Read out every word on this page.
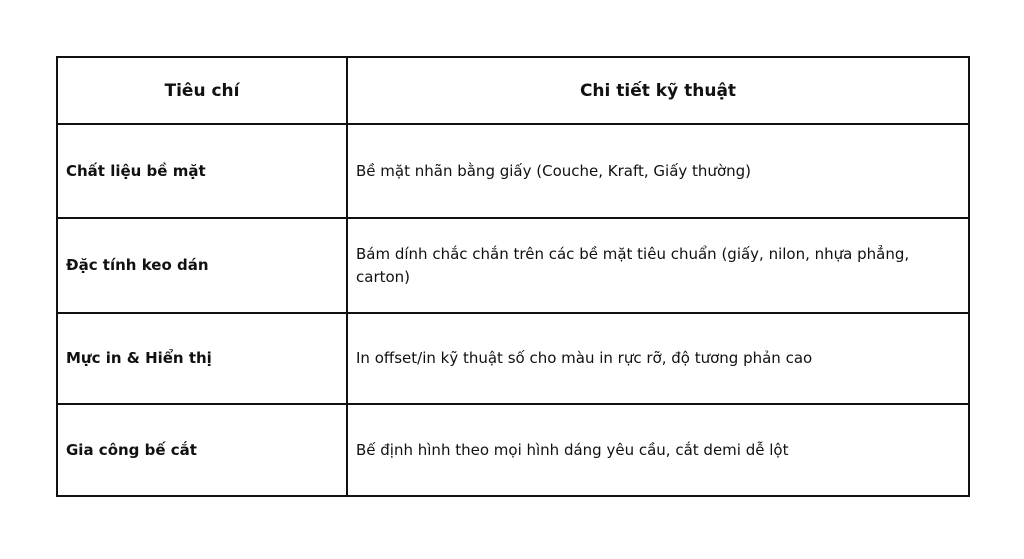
Tiêu chí	Chi tiết kỹ thuật
Chất liệu bề mặt	Bề mặt nhãn bằng giấy (Couche, Kraft, Giấy thường)
Đặc tính keo dán	Bám dính chắc chắn trên các bề mặt tiêu chuẩn (giấy, nilon, nhựa phẳng, carton)
Mực in & Hiển thị	In offset/in kỹ thuật số cho màu in rực rỡ, độ tương phản cao
Gia công bế cắt	Bế định hình theo mọi hình dáng yêu cầu, cắt demi dễ lột
